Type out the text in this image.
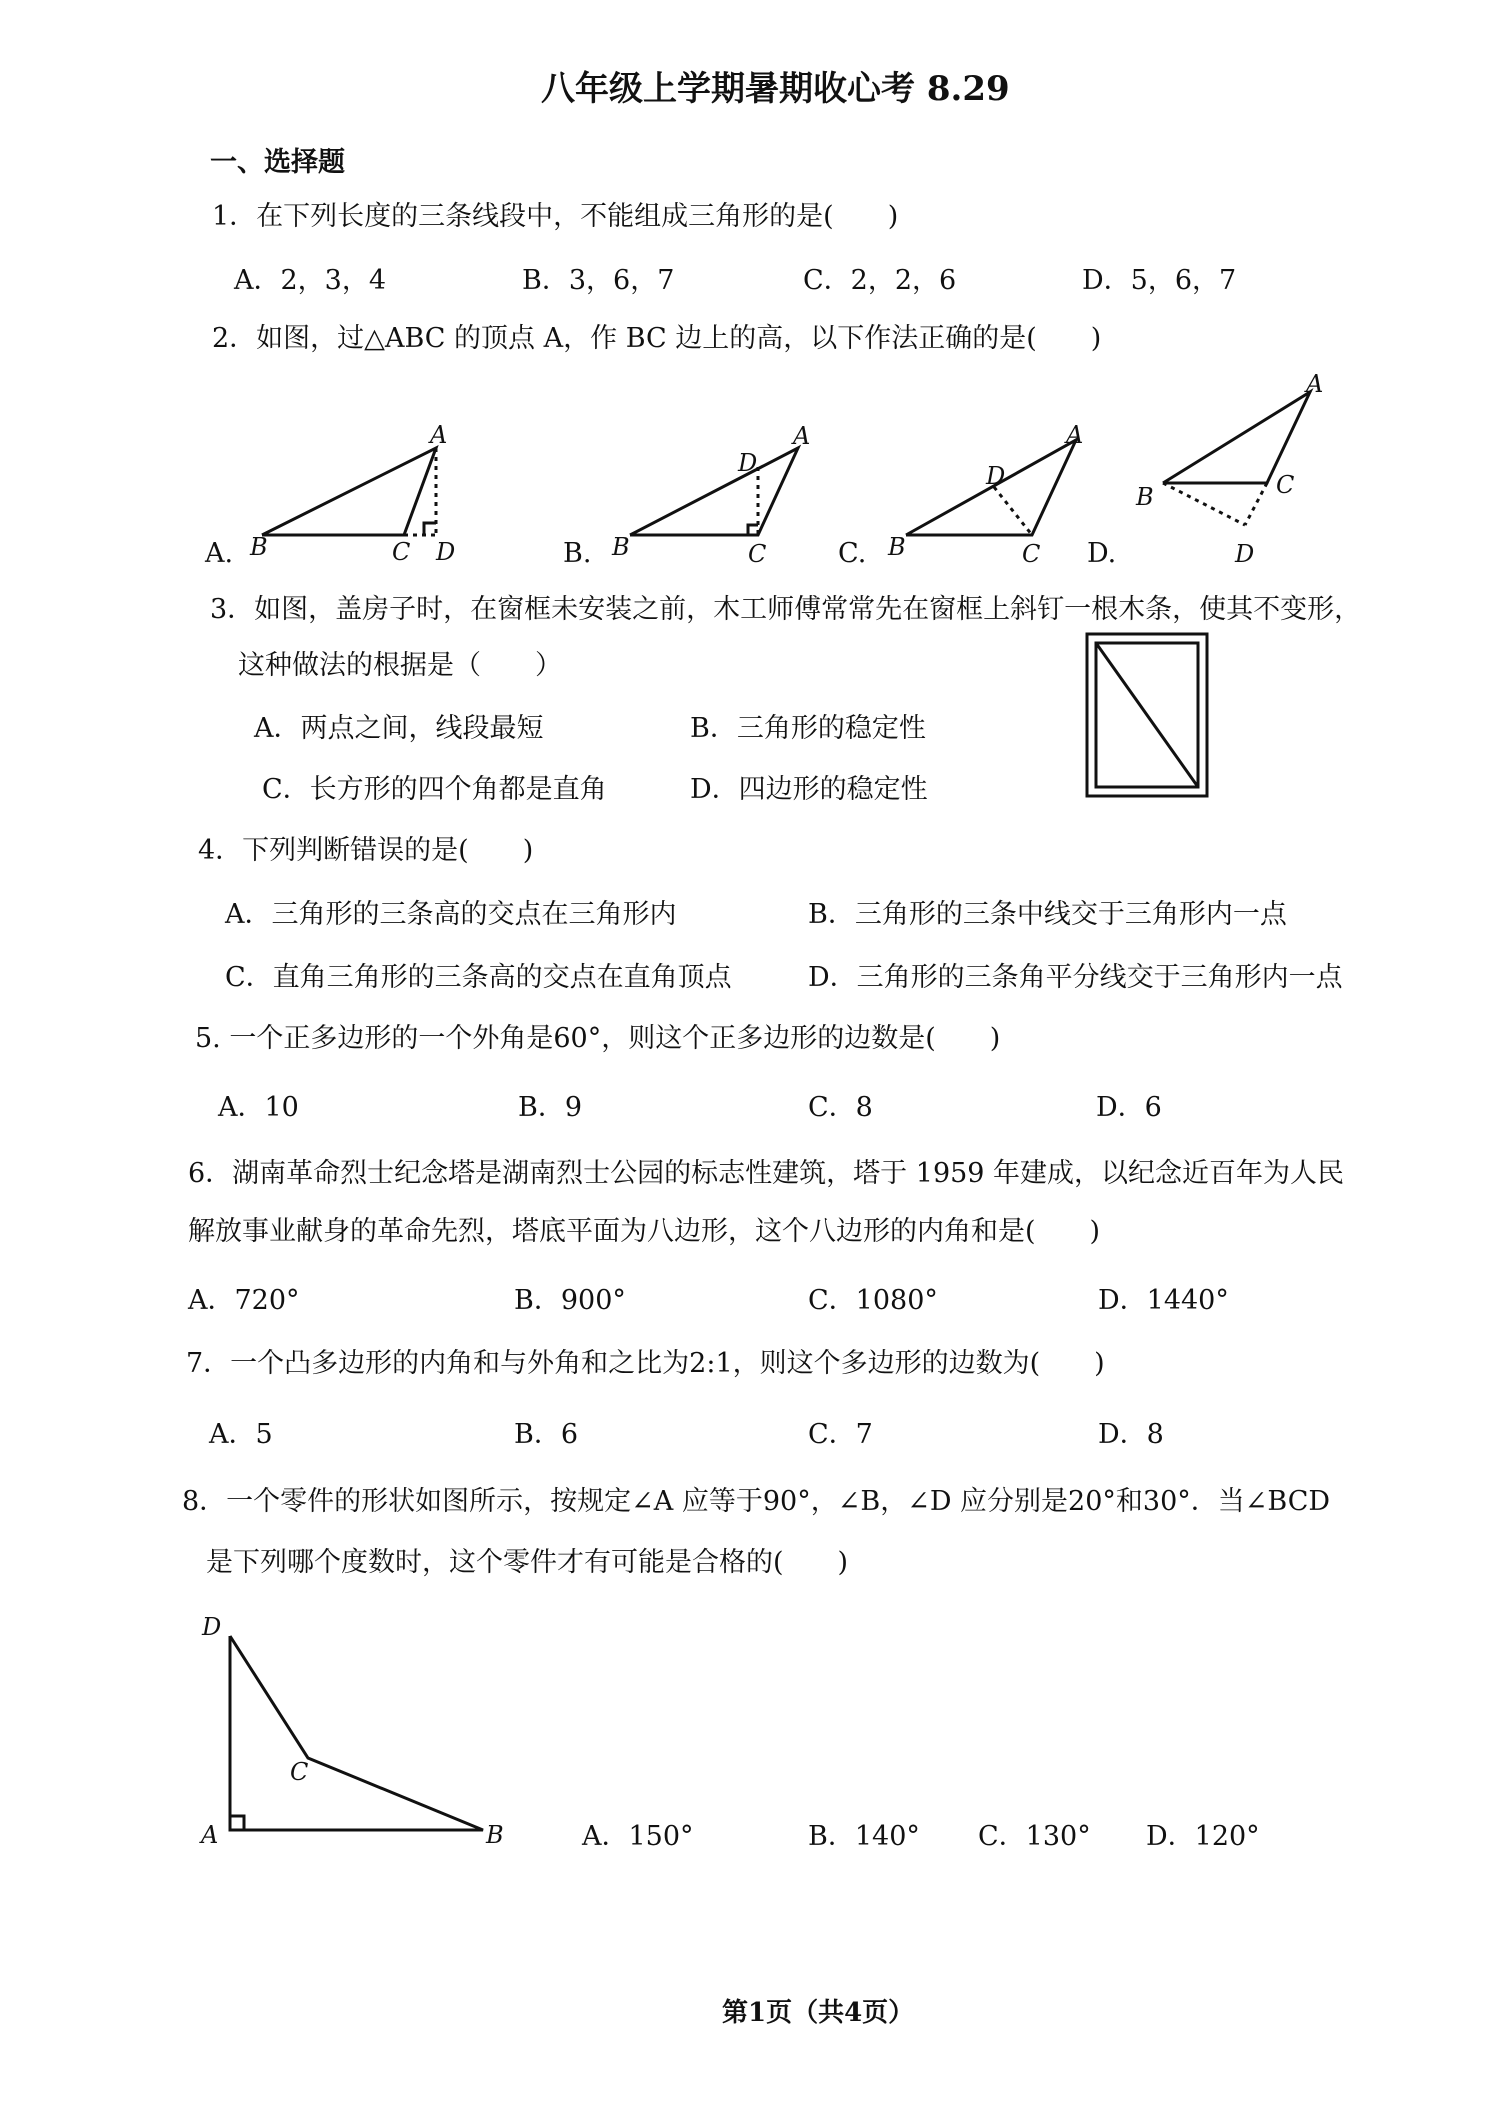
八年级上学期暑期收心考 8.29
一、选择题
1．在下列长度的三条线段中，不能组成三角形的是(　　)
A．2，3，4	B．3，6，7	C．2，2，6	D．5，6，7
2．如图，过△ABC 的顶点 A，作 BC 边上的高，以下作法正确的是(　　)
A.	B.	C.	D.
A
B	C D
D
A
B	C
D
A
B	C
A
B	C
D
3．如图，盖房子时，在窗框未安装之前，木工师傅常常先在窗框上斜钉一根木条，使其不变形，
这种做法的根据是（　　）
A．两点之间，线段最短	B．三角形的稳定性
C．长方形的四个角都是直角	D．四边形的稳定性
4．下列判断错误的是(　　)
A．三角形的三条高的交点在三角形内	B．三角形的三条中线交于三角形内一点
C．直角三角形的三条高的交点在直角顶点	D．三角形的三条角平分线交于三角形内一点
5. 一个正多边形的一个外角是60°，则这个正多边形的边数是(　　)
A．10	B．9	C．8	D．6
6．湖南革命烈士纪念塔是湖南烈士公园的标志性建筑，塔于 1959 年建成，以纪念近百年为人民
解放事业献身的革命先烈，塔底平面为八边形，这个八边形的内角和是(　　)
A．720°	B．900°	C．1080°	D．1440°
7．一个凸多边形的内角和与外角和之比为2:1，则这个多边形的边数为(　　)
A．5	B．6	C．7	D．8
8．一个零件的形状如图所示，按规定∠A 应等于90°，∠B，∠D 应分别是20°和30°．当∠BCD
是下列哪个度数时，这个零件才有可能是合格的(　　)
D
C
A	B	A．150°	B．140° C．130° D．120°
第1页（共4页）
